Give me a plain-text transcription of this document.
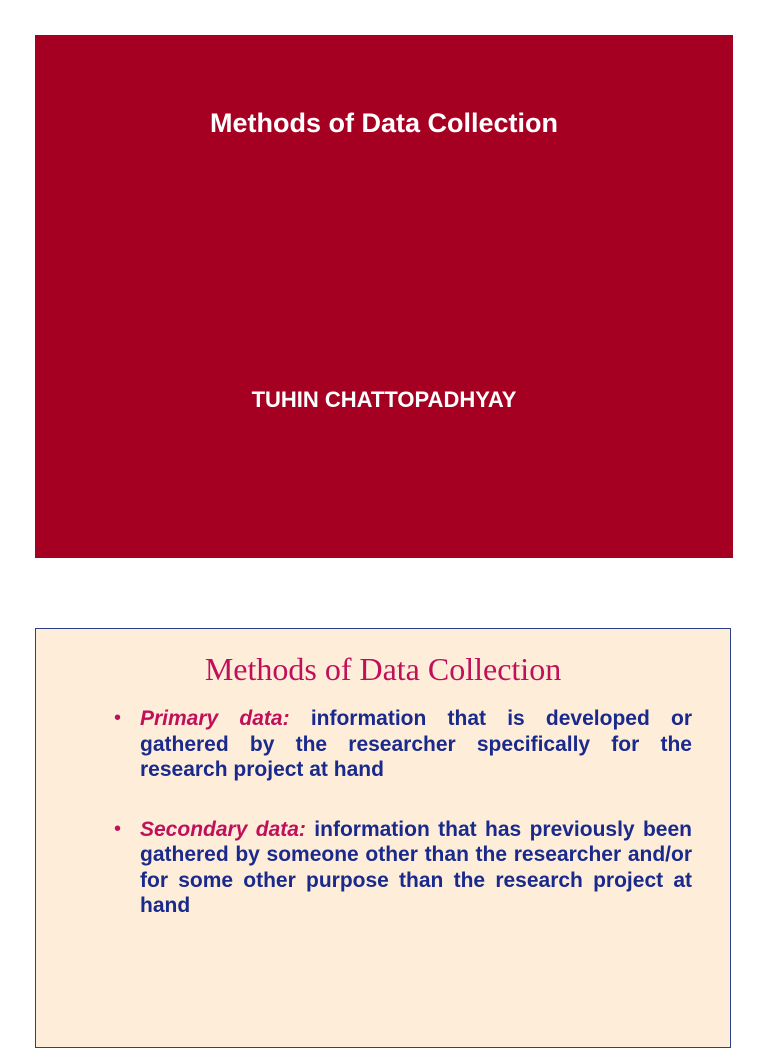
Methods of Data Collection
TUHIN CHATTOPADHYAY
Methods of Data Collection
• Primary data: information that is developed or gathered by the researcher specifically for the research project at hand
• Secondary data: information that has previously been gathered by someone other than the researcher and/or for some other purpose than the research project at hand
